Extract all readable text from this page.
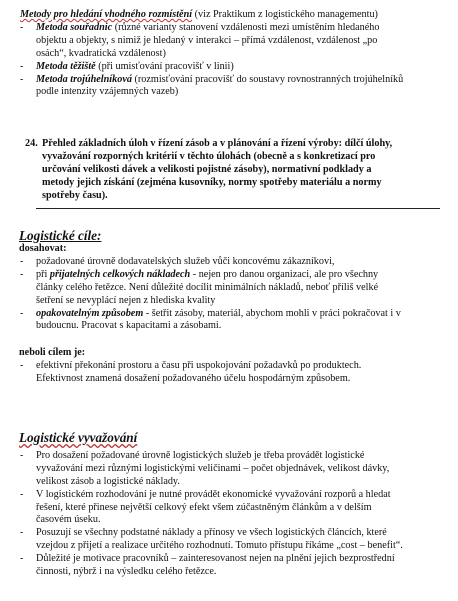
Metody pro hledání vhodného rozmístění (viz Praktikum z logistického managementu)
- Metoda souřadnic (různé varianty stanovení vzdálenosti mezi umístěním hledaného
objektu a objekty, s nimiž je hledaný v interakci – přímá vzdálenost, vzdálenost „po
osách“, kvadratická vzdálenost)
- Metoda těžiště (při umisťování pracovišť v linii)
- Metoda trojúhelníková (rozmisťování pracovišť do soustavy rovnostranných trojúhelníků
podle intenzity vzájemných vazeb)
24. Přehled základních úloh v řízení zásob a v plánování a řízení výroby: dílčí úlohy,
vyvažování rozporných kritérií v těchto úlohách (obecně a s konkretizací pro
určování velikosti dávek a velikosti pojistné zásoby), normativní podklady a
metody jejich získání (zejména kusovníky, normy spotřeby materiálu a normy
spotřeby času).
Logistické cíle:
dosahovat:
- požadované úrovně dodavatelských služeb vůči koncovému zákazníkovi,
- při přijatelných celkových nákladech - nejen pro danou organizaci, ale pro všechny
články celého řetězce. Není důležité docílit minimálních nákladů, neboť příliš velké
šetření se nevyplácí nejen z hlediska kvality
- opakovatelným způsobem - šetřit zásoby, materiál, abychom mohli v práci pokračovat i v
budoucnu. Pracovat s kapacitami a zásobami.
neboli cílem je:
- efektivní překonání prostoru a času při uspokojování požadavků po produktech.
Efektivnost znamená dosažení požadovaného účelu hospodárným způsobem.
Logistické vyvažování
- Pro dosažení požadované úrovně logistických služeb je třeba provádět logistické
vyvažování mezi různými logistickými veličinami – počet objednávek, velikost dávky,
velikost zásob a logistické náklady.
- V logistickém rozhodování je nutné provádět ekonomické vyvažování rozporů a hledat
řešení, které přinese největší celkový efekt všem zúčastněným článkům a v delším
časovém úseku.
- Posuzují se všechny podstatné náklady a přínosy ve všech logistických článcích, které
vzejdou z přijetí a realizace určitého rozhodnutí. Tomuto přístupu říkáme „cost – benefit“.
- Důležité je motivace pracovníků – zainteresovanost nejen na plnění jejich bezprostřední
činnosti, nýbrž i na výsledku celého řetězce.
